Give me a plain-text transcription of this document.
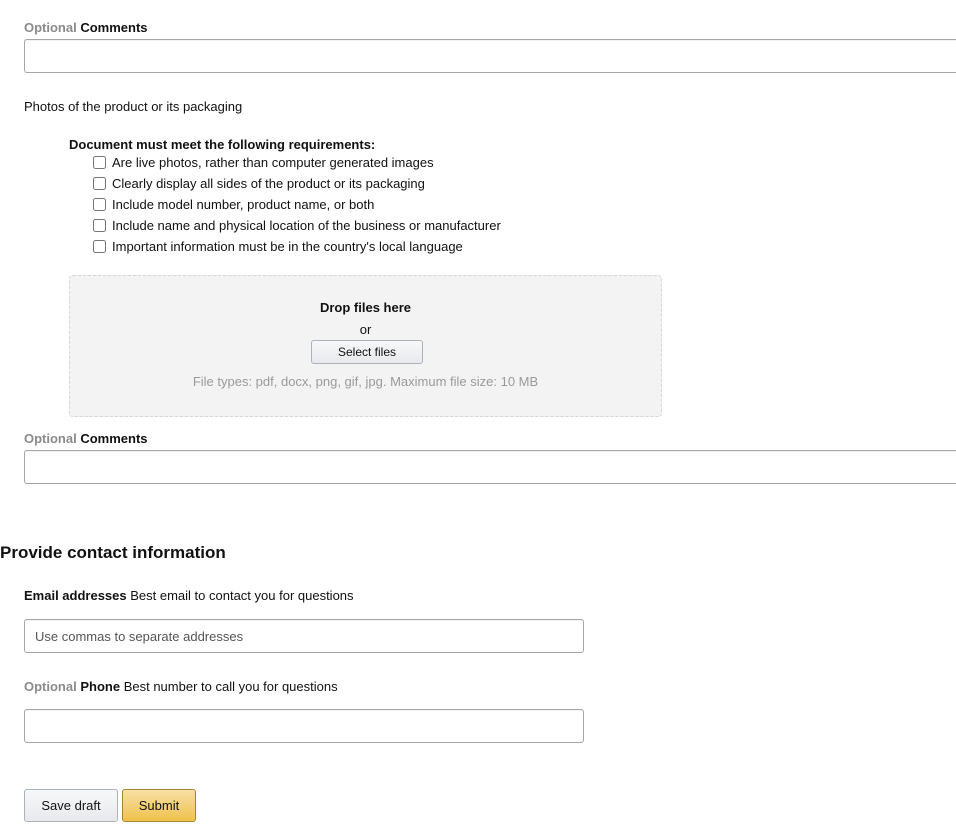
Optional Comments
Photos of the product or its packaging
Document must meet the following requirements:
Are live photos, rather than computer generated images
Clearly display all sides of the product or its packaging
Include model number, product name, or both
Include name and physical location of the business or manufacturer
Important information must be in the country's local language
Drop files here
or
Select files
File types: pdf, docx, png, gif, jpg. Maximum file size: 10 MB
Optional Comments
Provide contact information
Email addresses Best email to contact you for questions
Use commas to separate addresses
Optional Phone Best number to call you for questions
Save draft	Submit
